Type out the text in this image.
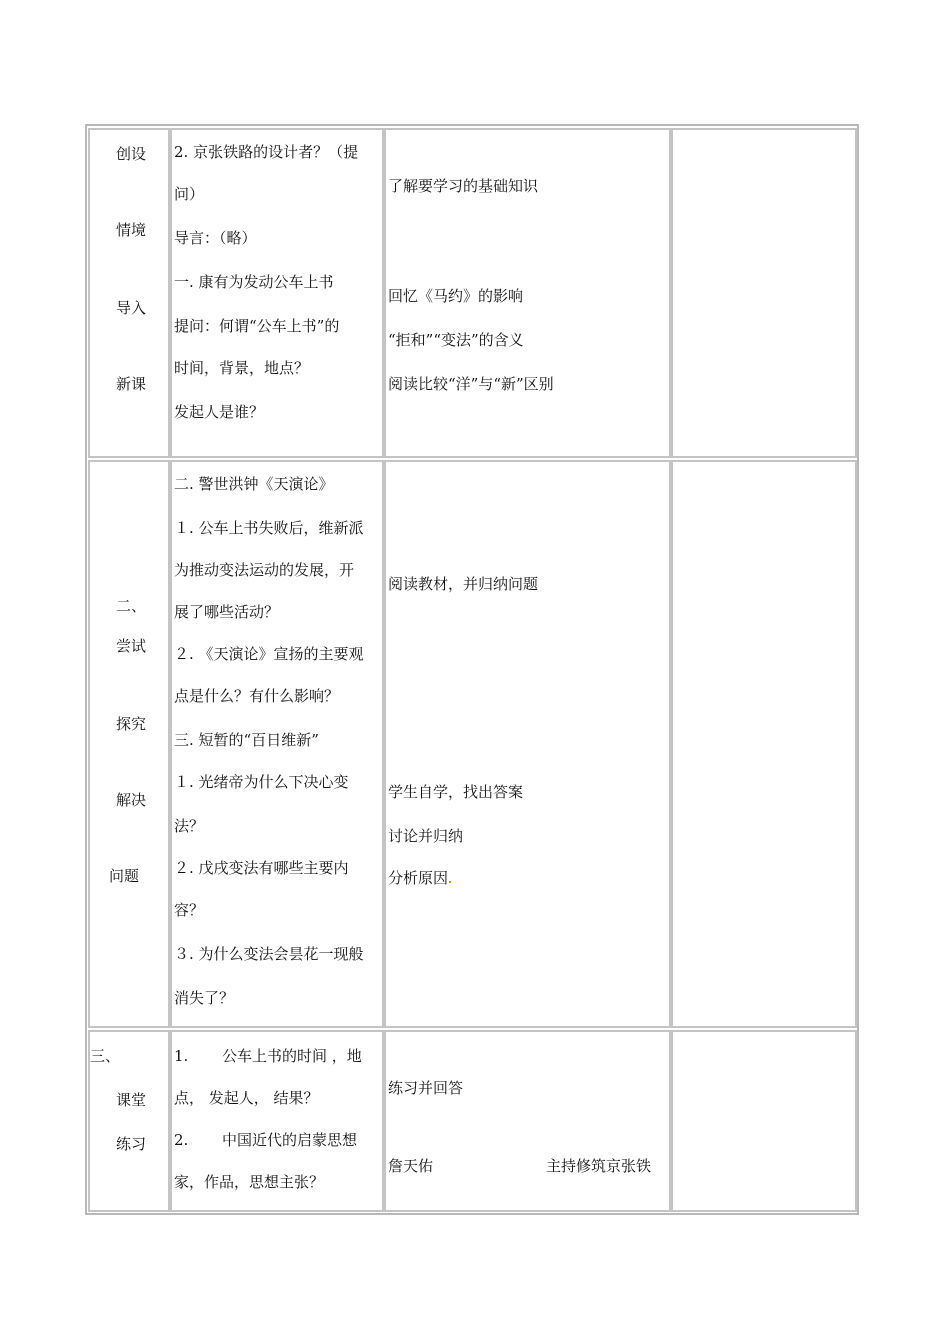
创设
情境
导入
新课
2. 京张铁路的设计者？（提
问）
导言：（略）
一. 康有为发动公车上书
提问：何谓“公车上书”的
时间，背景，地点？
发起人是谁？
了解要学习的基础知识
回忆《马约》的影响
“拒和”“变法”的含义
阅读比较“洋”与“新”区别
二、
尝试
探究
解决
问题
二. 警世洪钟《天演论》
１. 公车上书失败后，维新派
为推动变法运动的发展，开
展了哪些活动？
２. 《天演论》宣扬的主要观
点是什么？有什么影响？
三. 短暂的“百日维新”
１. 光绪帝为什么下决心变
法？
２. 戊戌变法有哪些主要内
容？
３. 为什么变法会昙花一现般
消失了？
阅读教材，并归纳问题
学生自学，找出答案
讨论并归纳
分析原因
三、
课堂
练习
1. 公车上书的时间 ，地
点， 发起人， 结果？
2. 中国近代的启蒙思想
家，作品，思想主张？
练习并回答
詹天佑	主持修筑京张铁
